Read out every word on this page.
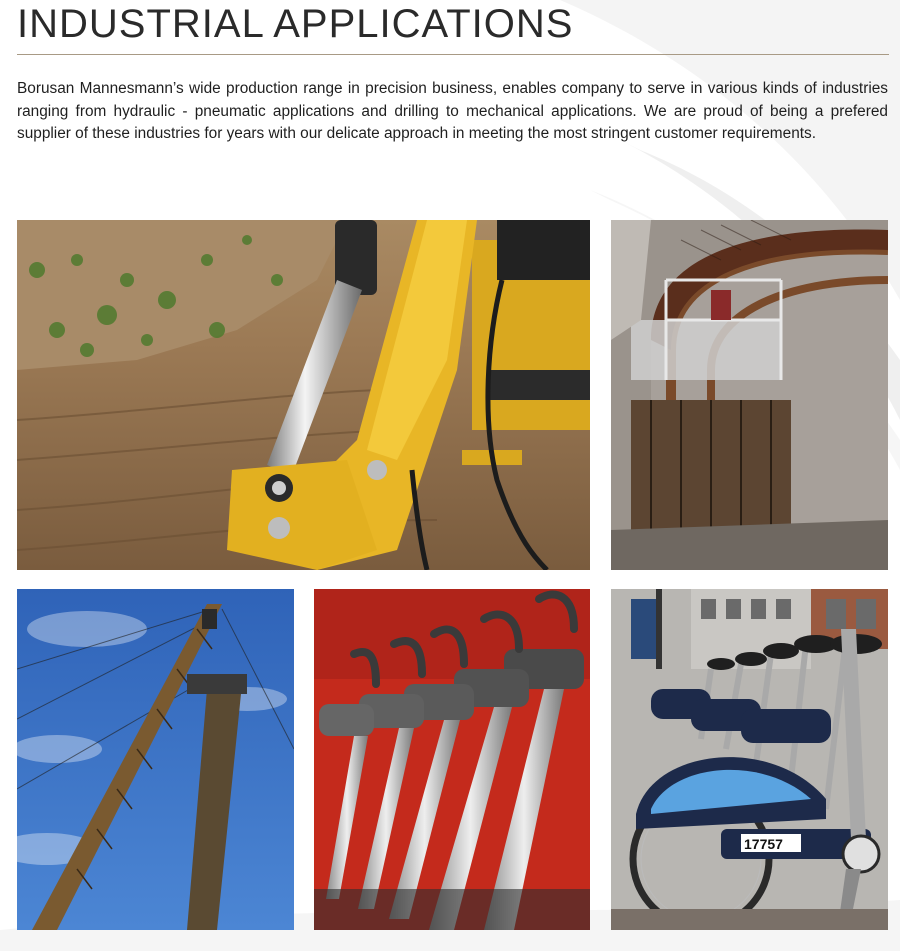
INDUSTRIAL APPLICATIONS

Borusan Mannesmann’s wide production range in precision business, enables company to serve in various kinds of industries ranging from hydraulic - pneumatic applications and drilling to mechanical applications. We are proud of being a prefered supplier of these industries for years with our delicate approach in meeting the most stringent customer requirements.

17757
